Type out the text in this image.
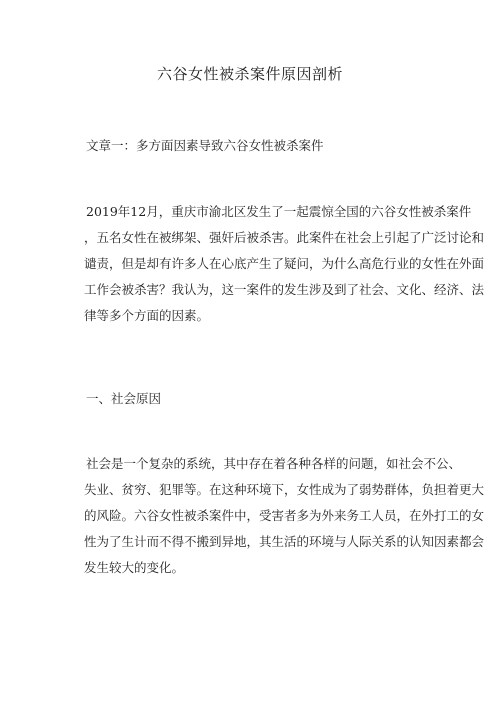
六谷女性被杀案件原因剖析
文章一：多方面因素导致六谷女性被杀案件
2019年12月，重庆市渝北区发生了一起震惊全国的六谷女性被杀案件
，五名女性在被绑架、强奸后被杀害。此案件在社会上引起了广泛讨论和
谴责，但是却有许多人在心底产生了疑问，为什么高危行业的女性在外面
工作会被杀害？我认为，这一案件的发生涉及到了社会、文化、经济、法
律等多个方面的因素。
一、社会原因
社会是一个复杂的系统，其中存在着各种各样的问题，如社会不公、
失业、贫穷、犯罪等。在这种环境下，女性成为了弱势群体，负担着更大
的风险。六谷女性被杀案件中，受害者多为外来务工人员，在外打工的女
性为了生计而不得不搬到异地，其生活的环境与人际关系的认知因素都会
发生较大的变化。
